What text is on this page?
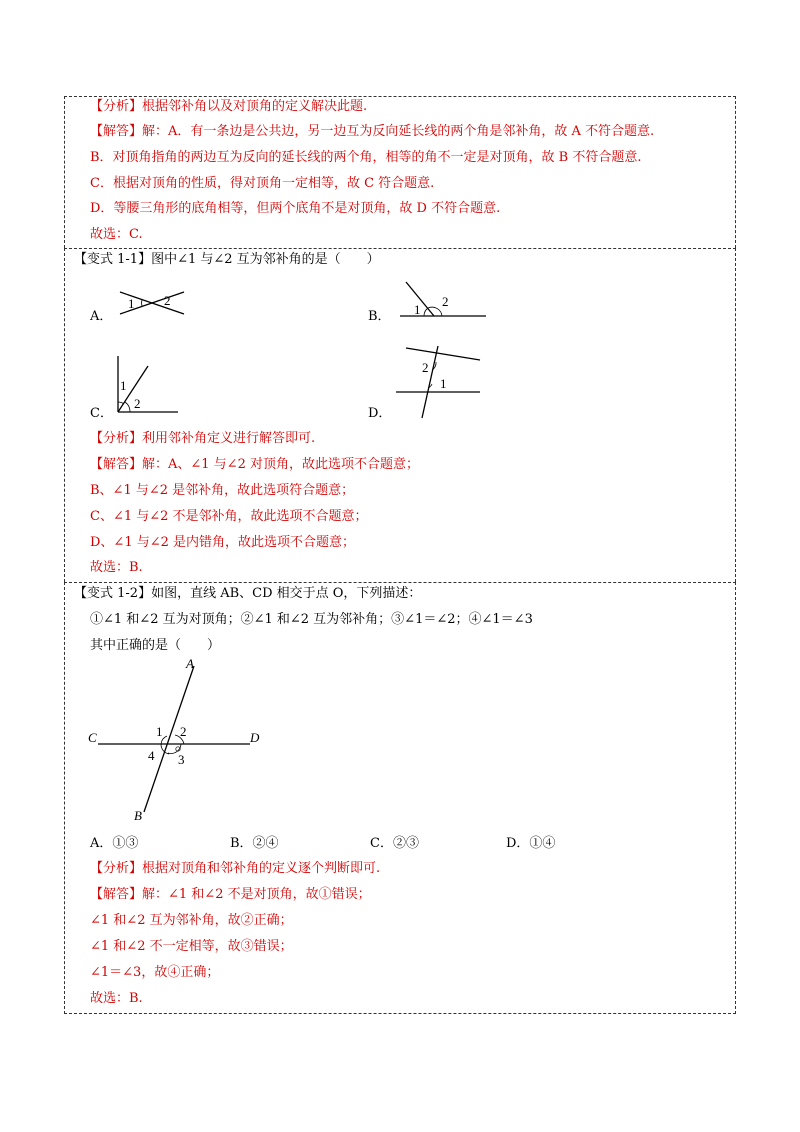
【分析】根据邻补角以及对顶角的定义解决此题.
【解答】解：A．有一条边是公共边，另一边互为反向延长线的两个角是邻补角，故 A 不符合题意.
B．对顶角指角的两边互为反向的延长线的两个角，相等的角不一定是对顶角，故 B 不符合题意.
C．根据对顶角的性质，得对顶角一定相等，故 C 符合题意.
D．等腰三角形的底角相等，但两个底角不是对顶角，故 D 不符合题意.
故选：C.
【变式 1-1】图中∠1 与∠2 互为邻补角的是（　　）
A．
1 2
B． 1
2
C．
1
2
D．
2
1
【分析】利用邻补角定义进行解答即可.
【解答】解：A、∠1 与∠2 对顶角，故此选项不合题意；
B、∠1 与∠2 是邻补角，故此选项符合题意；
C、∠1 与∠2 不是邻补角，故此选项不合题意；
D、∠1 与∠2 是内错角，故此选项不合题意；
故选：B.
【变式 1-2】如图，直线 AB、CD 相交于点 O，下列描述：
①∠1 和∠2 互为对顶角；②∠1 和∠2 互为邻补角；③∠1＝∠2；④∠1＝∠3
其中正确的是（　　）
A
C	D
B
1 2
3
4
A．①③	B．②④	C．②③	D．①④
【分析】根据对顶角和邻补角的定义逐个判断即可.
【解答】解：∠1 和∠2 不是对顶角，故①错误；
∠1 和∠2 互为邻补角，故②正确；
∠1 和∠2 不一定相等，故③错误；
∠1＝∠3，故④正确；
故选：B.
